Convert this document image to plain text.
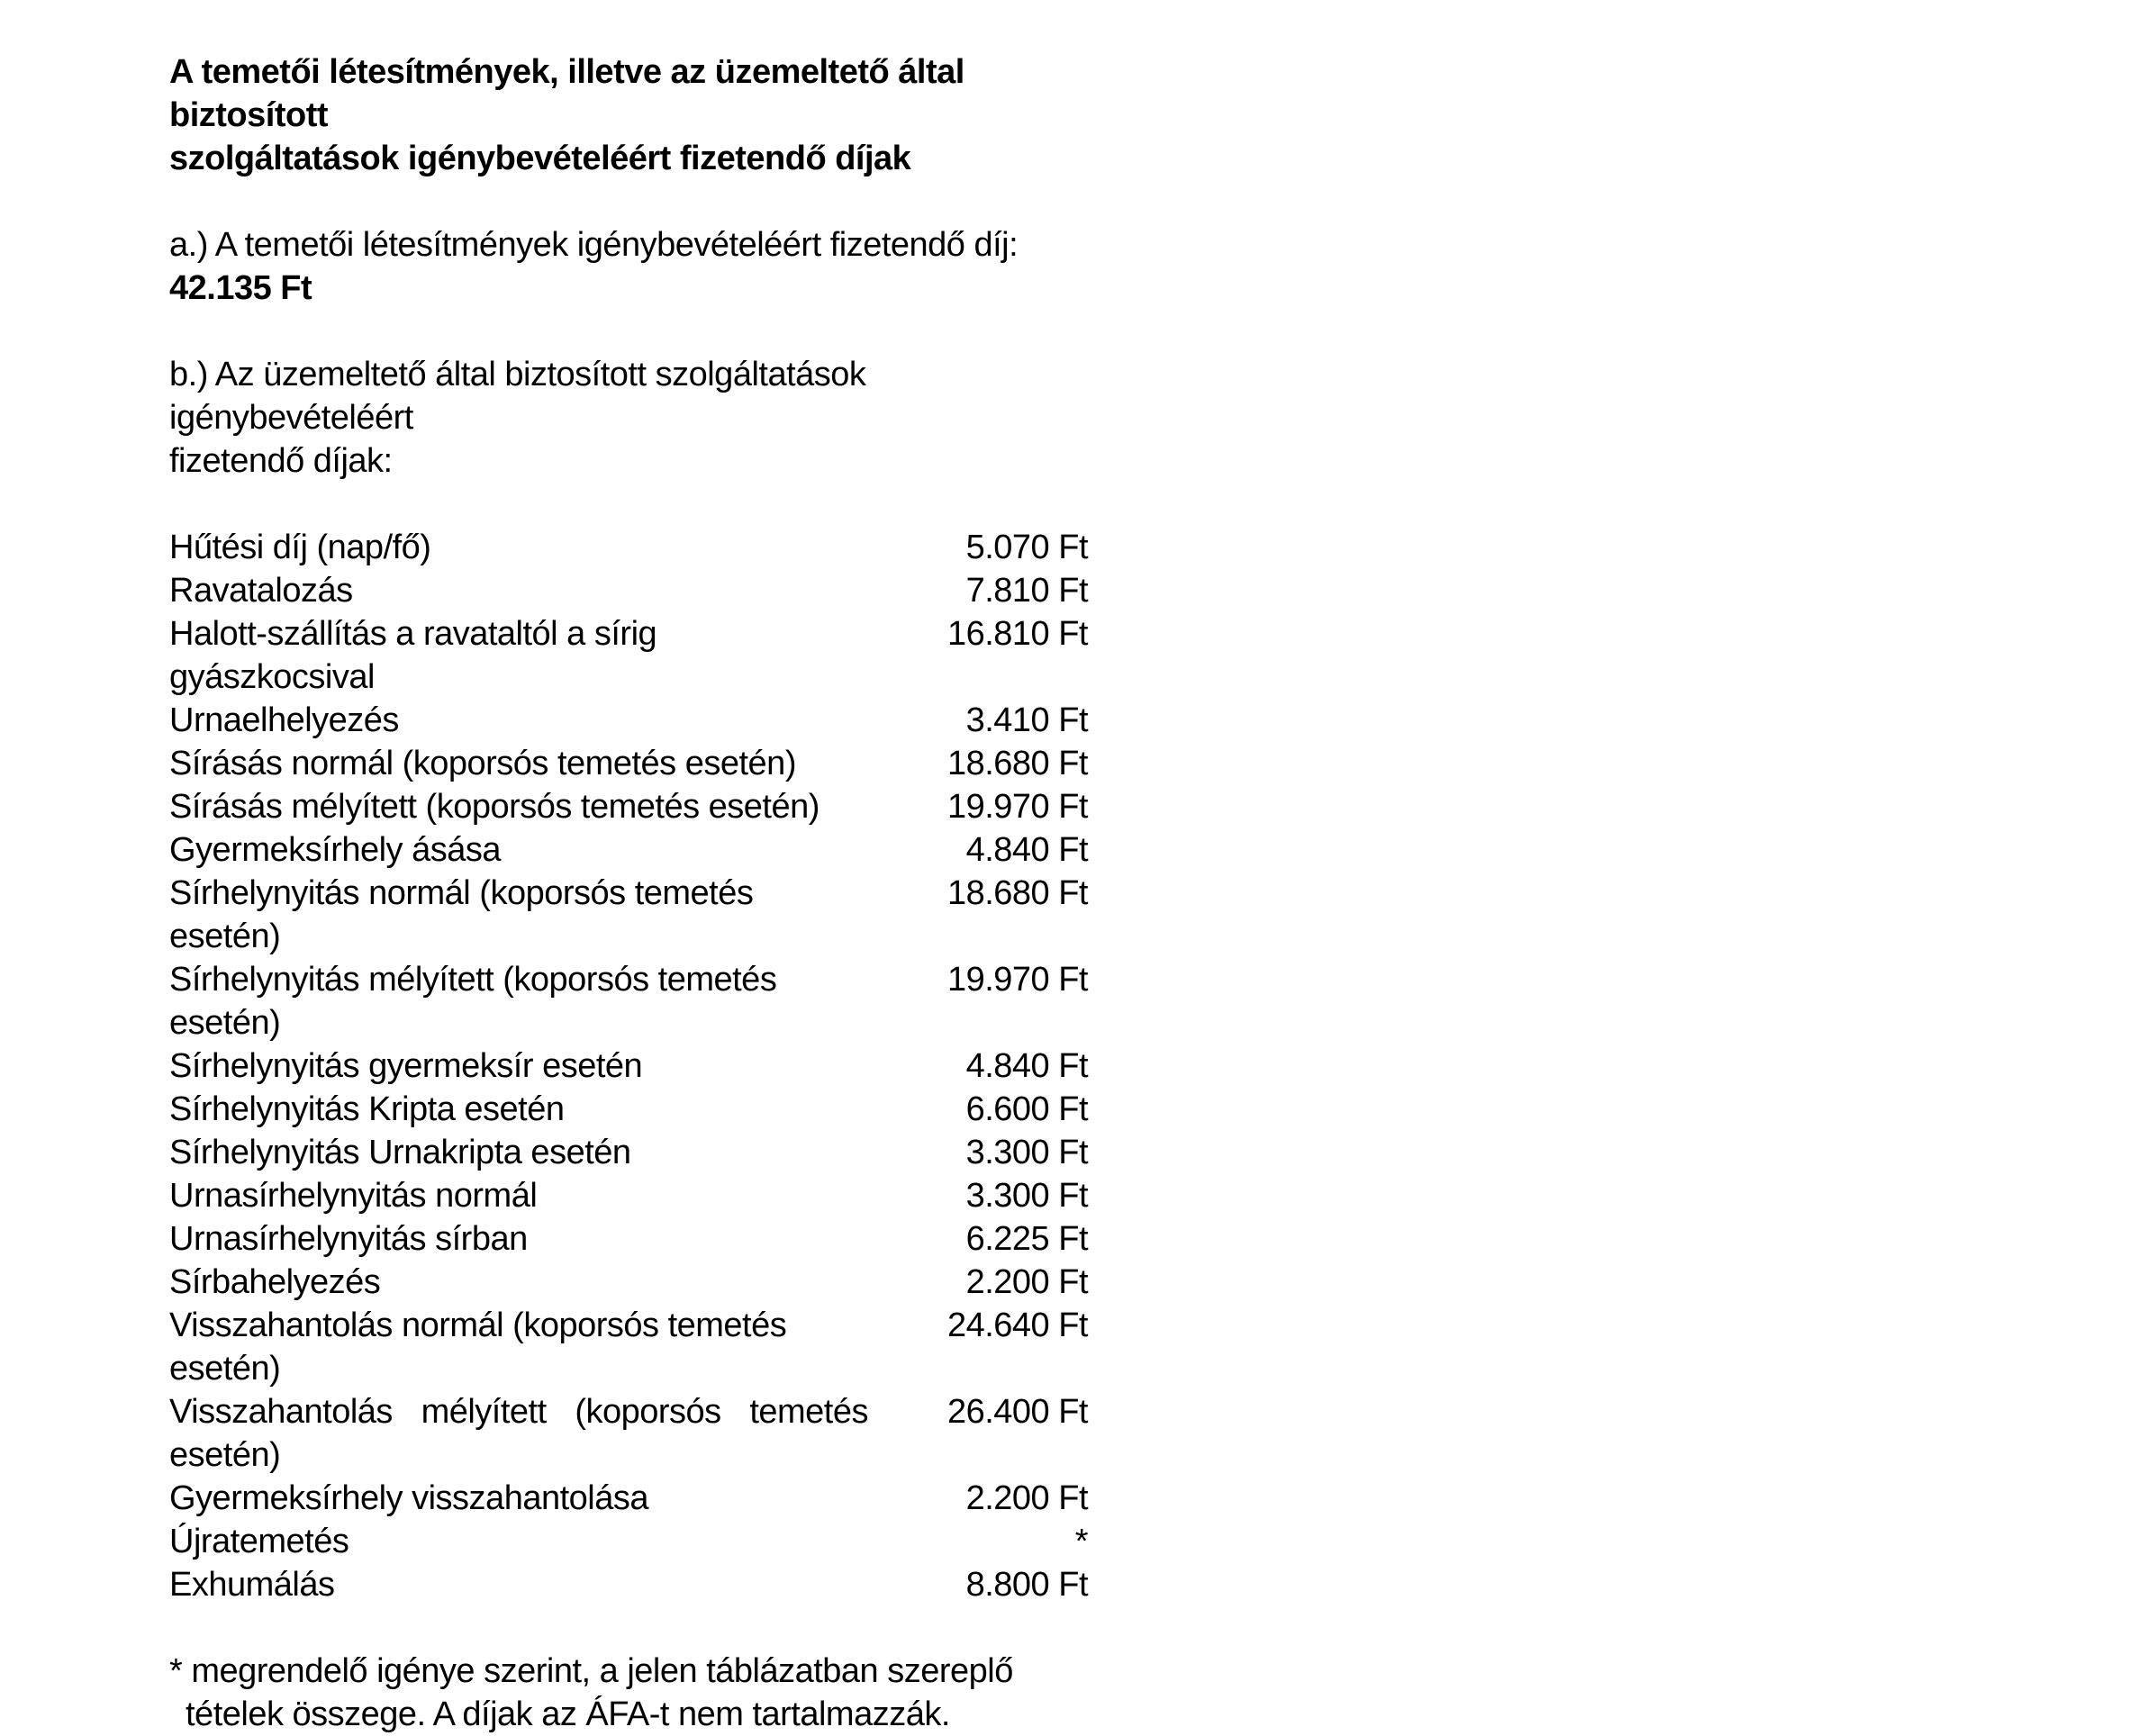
A temetői létesítmények, illetve az üzemeltető által biztosított
szolgáltatások igénybevételéért fizetendő díjak
a.) A temetői létesítmények igénybevételéért fizetendő díj:
42.135 Ft
b.) Az üzemeltető által biztosított szolgáltatások igénybevételéért
fizetendő díjak:
Hűtési díj (nap/fő)	5.070 Ft
Ravatalozás	7.810 Ft
Halott-szállítás a ravataltól a sírig gyászkocsival
16.810 Ft
Urnaelhelyezés	3.410 Ft
Sírásás normál (koporsós temetés esetén)	18.680 Ft
Sírásás mélyített (koporsós temetés esetén)	19.970 Ft
Gyermeksírhely ásása	4.840 Ft
Sírhelynyitás normál (koporsós temetés esetén)
18.680 Ft
Sírhelynyitás mélyített (koporsós temetés esetén)
19.970 Ft
Sírhelynyitás gyermeksír esetén	4.840 Ft
Sírhelynyitás Kripta esetén	6.600 Ft
Sírhelynyitás Urnakripta esetén	3.300 Ft
Urnasírhelynyitás normál	3.300 Ft
Urnasírhelynyitás sírban	6.225 Ft
Sírbahelyezés	2.200 Ft
Visszahantolás normál (koporsós temetés esetén)
24.640 Ft
Visszahantolás mélyített (koporsós temetés esetén)
26.400 Ft
Gyermeksírhely visszahantolása	2.200 Ft
Újratemetés	*
Exhumálás	8.800 Ft
* megrendelő igénye szerint, a jelen táblázatban szereplő tételek összege. A díjak az ÁFA-t nem tartalmazzák.
